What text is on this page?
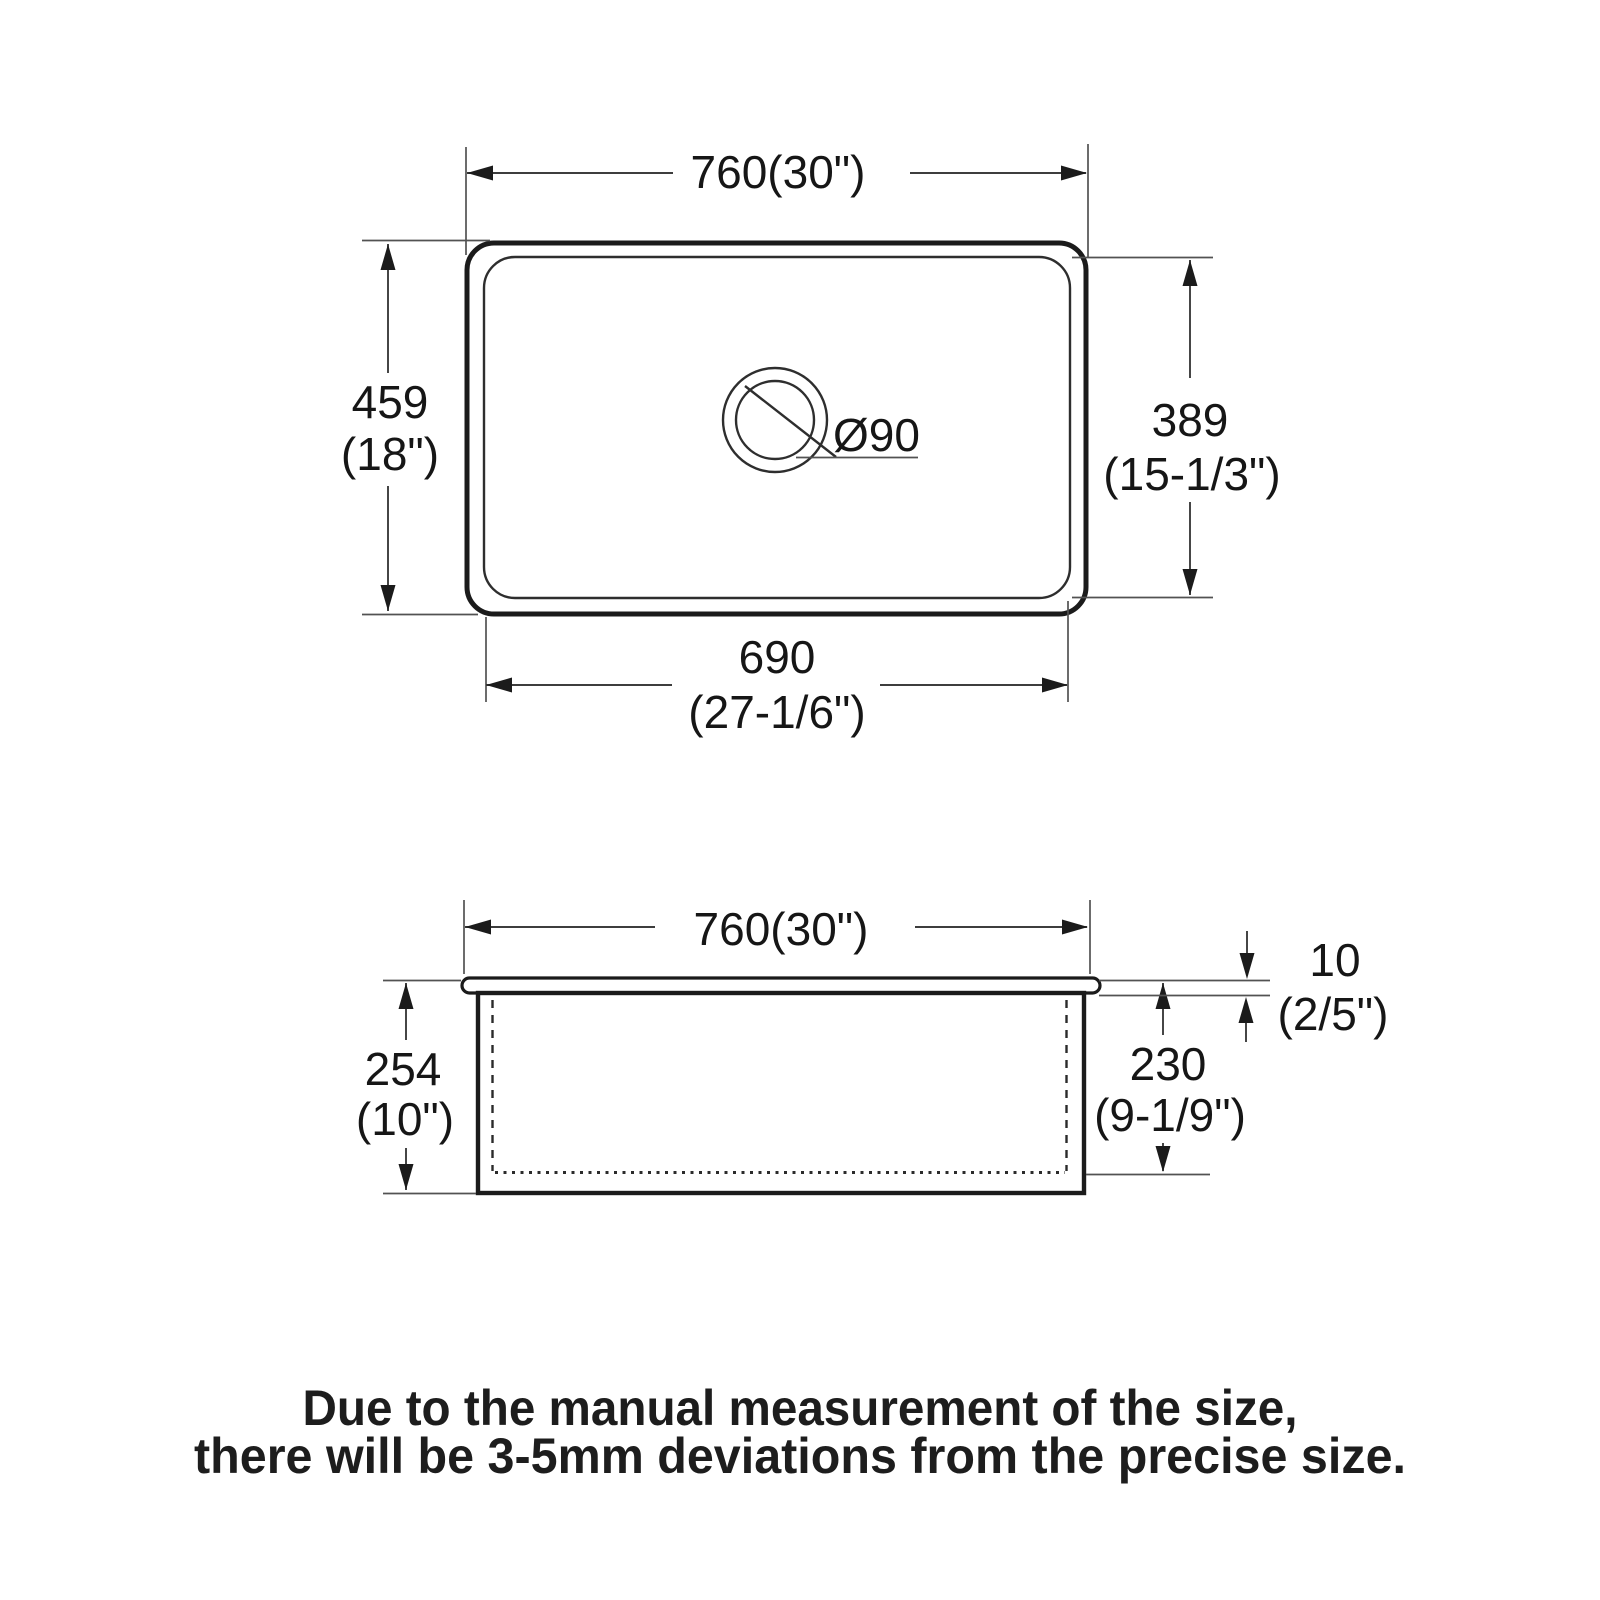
Ø90
760(30")
459
(18")
389
(15-1/3")
690
(27-1/6")
760(30")
254
(10")
230
(9-1/9")
10
(2/5")
Due to the manual measurement of the size,
there will be 3-5mm deviations from the precise size.
